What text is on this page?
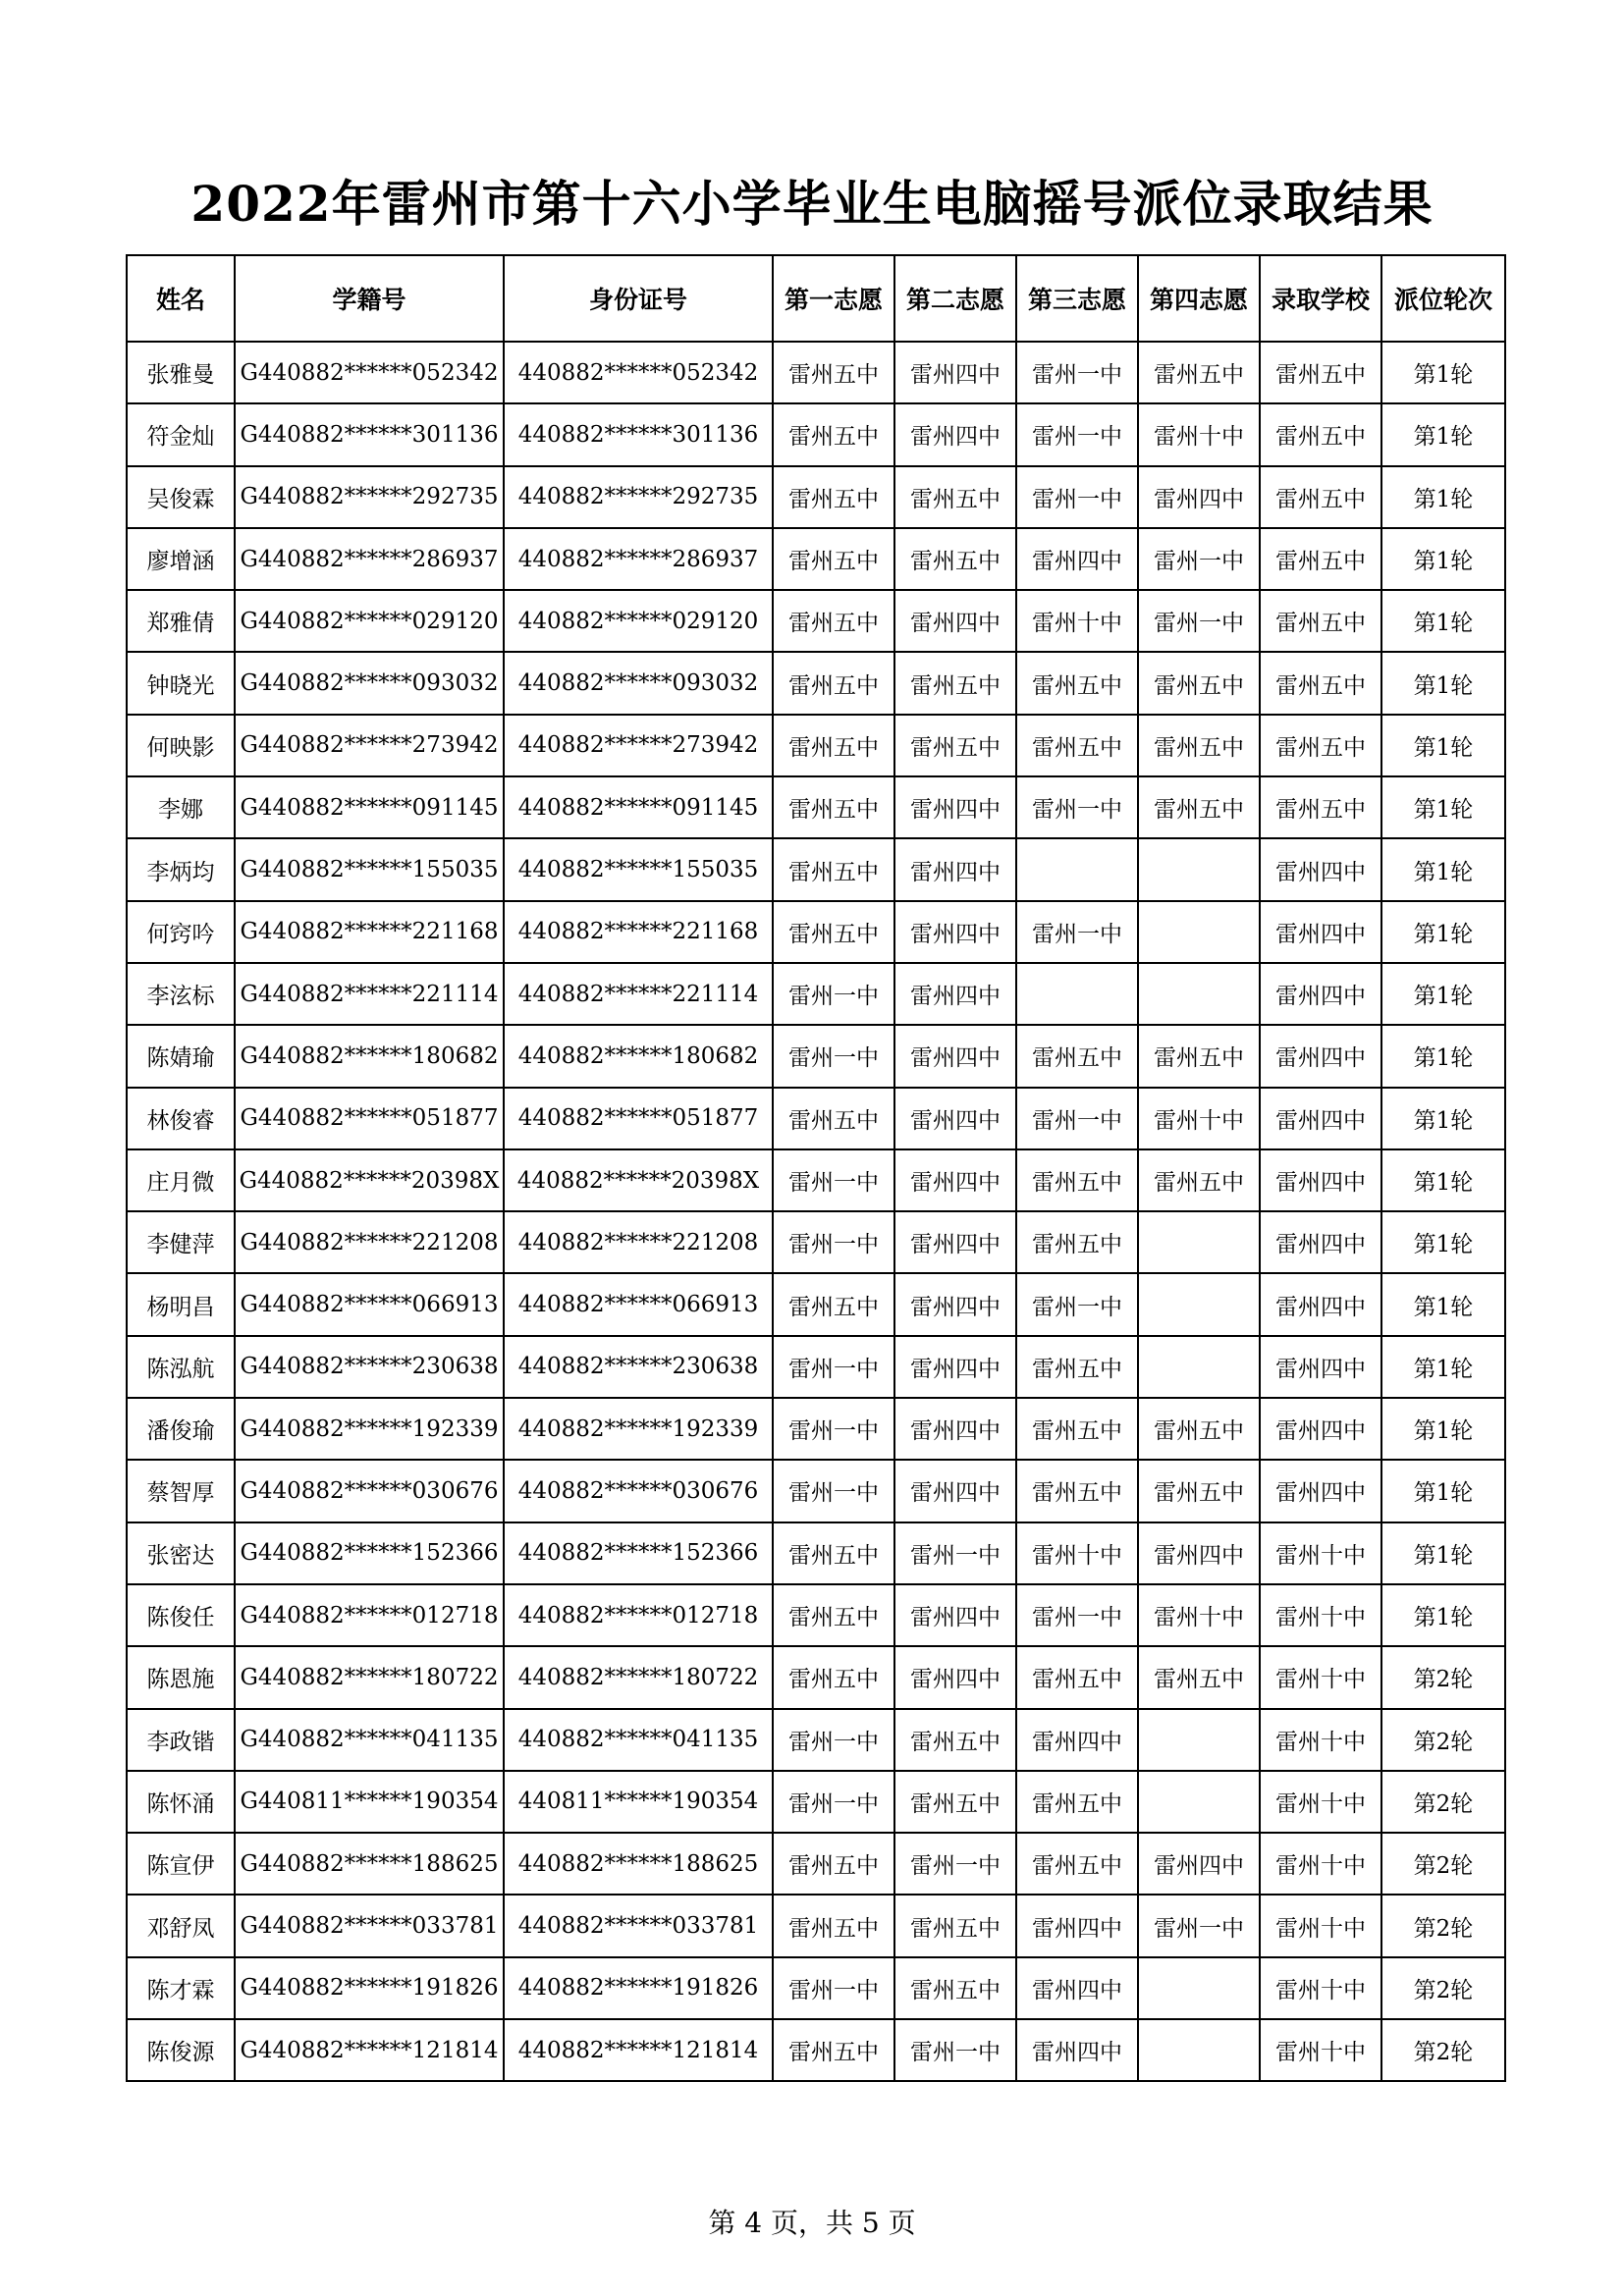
2022年雷州市第十六小学毕业生电脑摇号派位录取结果
姓名	学籍号	身份证号	第一志愿	第二志愿	第三志愿	第四志愿	录取学校	派位轮次
张雅曼	G440882******052342	440882******052342	雷州五中	雷州四中	雷州一中	雷州五中	雷州五中	第1轮
符金灿	G440882******301136	440882******301136	雷州五中	雷州四中	雷州一中	雷州十中	雷州五中	第1轮
吴俊霖	G440882******292735	440882******292735	雷州五中	雷州五中	雷州一中	雷州四中	雷州五中	第1轮
廖增涵	G440882******286937	440882******286937	雷州五中	雷州五中	雷州四中	雷州一中	雷州五中	第1轮
郑雅倩	G440882******029120	440882******029120	雷州五中	雷州四中	雷州十中	雷州一中	雷州五中	第1轮
钟晓光	G440882******093032	440882******093032	雷州五中	雷州五中	雷州五中	雷州五中	雷州五中	第1轮
何映影	G440882******273942	440882******273942	雷州五中	雷州五中	雷州五中	雷州五中	雷州五中	第1轮
李娜	G440882******091145	440882******091145	雷州五中	雷州四中	雷州一中	雷州五中	雷州五中	第1轮
李炳均	G440882******155035	440882******155035	雷州五中	雷州四中			雷州四中	第1轮
何窍吟	G440882******221168	440882******221168	雷州五中	雷州四中	雷州一中		雷州四中	第1轮
李泫标	G440882******221114	440882******221114	雷州一中	雷州四中			雷州四中	第1轮
陈婧瑜	G440882******180682	440882******180682	雷州一中	雷州四中	雷州五中	雷州五中	雷州四中	第1轮
林俊睿	G440882******051877	440882******051877	雷州五中	雷州四中	雷州一中	雷州十中	雷州四中	第1轮
庄月微	G440882******20398X	440882******20398X	雷州一中	雷州四中	雷州五中	雷州五中	雷州四中	第1轮
李健萍	G440882******221208	440882******221208	雷州一中	雷州四中	雷州五中		雷州四中	第1轮
杨明昌	G440882******066913	440882******066913	雷州五中	雷州四中	雷州一中		雷州四中	第1轮
陈泓航	G440882******230638	440882******230638	雷州一中	雷州四中	雷州五中		雷州四中	第1轮
潘俊瑜	G440882******192339	440882******192339	雷州一中	雷州四中	雷州五中	雷州五中	雷州四中	第1轮
蔡智厚	G440882******030676	440882******030676	雷州一中	雷州四中	雷州五中	雷州五中	雷州四中	第1轮
张密达	G440882******152366	440882******152366	雷州五中	雷州一中	雷州十中	雷州四中	雷州十中	第1轮
陈俊任	G440882******012718	440882******012718	雷州五中	雷州四中	雷州一中	雷州十中	雷州十中	第1轮
陈恩施	G440882******180722	440882******180722	雷州五中	雷州四中	雷州五中	雷州五中	雷州十中	第2轮
李政锴	G440882******041135	440882******041135	雷州一中	雷州五中	雷州四中		雷州十中	第2轮
陈怀涌	G440811******190354	440811******190354	雷州一中	雷州五中	雷州五中		雷州十中	第2轮
陈宣伊	G440882******188625	440882******188625	雷州五中	雷州一中	雷州五中	雷州四中	雷州十中	第2轮
邓舒凤	G440882******033781	440882******033781	雷州五中	雷州五中	雷州四中	雷州一中	雷州十中	第2轮
陈才霖	G440882******191826	440882******191826	雷州一中	雷州五中	雷州四中		雷州十中	第2轮
陈俊源	G440882******121814	440882******121814	雷州五中	雷州一中	雷州四中		雷州十中	第2轮
第 4 页，共 5 页
